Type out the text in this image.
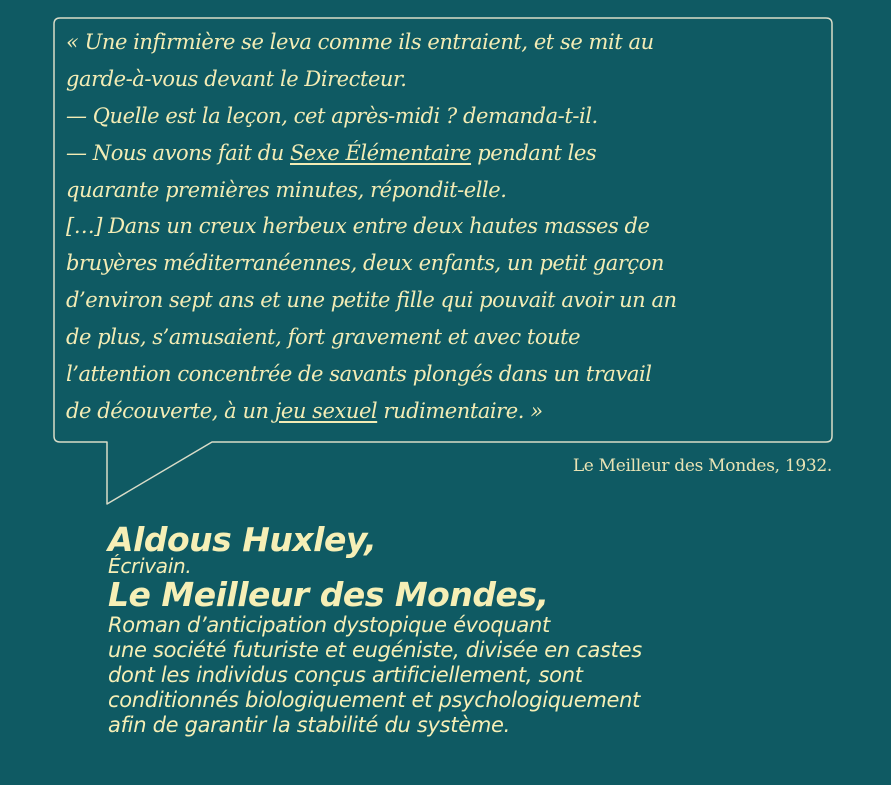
« Une infirmière se leva comme ils entraient, et se mit au
garde-à-vous devant le Directeur.
— Quelle est la leçon, cet après-midi ? demanda-t-il.
— Nous avons fait du Sexe Élémentaire pendant les
quarante premières minutes, répondit-elle.
[…] Dans un creux herbeux entre deux hautes masses de
bruyères méditerranéennes, deux enfants, un petit garçon
d’environ sept ans et une petite fille qui pouvait avoir un an
de plus, s’amusaient, fort gravement et avec toute
l’attention concentrée de savants plongés dans un travail
de découverte, à un jeu sexuel rudimentaire. »
Le Meilleur des Mondes, 1932.
Aldous Huxley,
Écrivain.
Le Meilleur des Mondes,
Roman d’anticipation dystopique évoquant
une société futuriste et eugéniste, divisée en castes
dont les individus conçus artificiellement, sont
conditionnés biologiquement et psychologiquement
afin de garantir la stabilité du système.
